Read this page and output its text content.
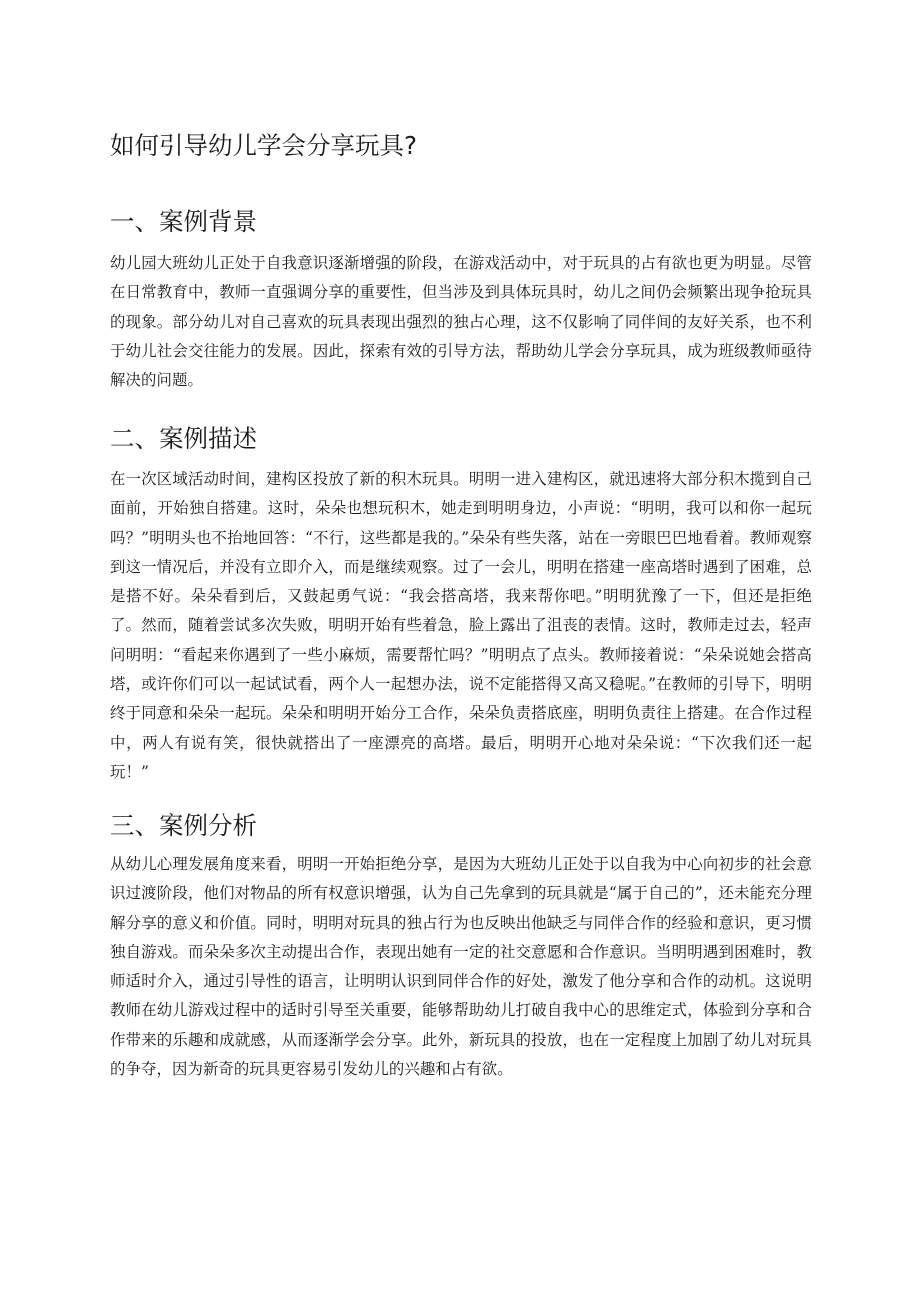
如何引导幼儿学会分享玩具?
一、案例背景

幼儿园大班幼儿正处于自我意识逐渐增强的阶段，在游戏活动中，对于玩具的占有欲也更为明显。尽管在日常教育中，教师一直强调分享的重要性，但当涉及到具体玩具时，幼儿之间仍会频繁出现争抢玩具的现象。部分幼儿对自己喜欢的玩具表现出强烈的独占心理，这不仅影响了同伴间的友好关系，也不利于幼儿社会交往能力的发展。因此，探索有效的引导方法，帮助幼儿学会分享玩具，成为班级教师亟待解决的问题。

二、案例描述

在一次区域活动时间，建构区投放了新的积木玩具。明明一进入建构区，就迅速将大部分积木揽到自己面前，开始独自搭建。这时，朵朵也想玩积木，她走到明明身边，小声说：“明明，我可以和你一起玩吗？”明明头也不抬地回答：“不行，这些都是我的。”朵朵有些失落，站在一旁眼巴巴地看着。教师观察到这一情况后，并没有立即介入，而是继续观察。过了一会儿，明明在搭建一座高塔时遇到了困难，总是搭不好。朵朵看到后，又鼓起勇气说：“我会搭高塔，我来帮你吧。”明明犹豫了一下，但还是拒绝了。然而，随着尝试多次失败，明明开始有些着急，脸上露出了沮丧的表情。这时，教师走过去，轻声问明明：“看起来你遇到了一些小麻烦，需要帮忙吗？”明明点了点头。教师接着说：“朵朵说她会搭高塔，或许你们可以一起试试看，两个人一起想办法，说不定能搭得又高又稳呢。”在教师的引导下，明明终于同意和朵朵一起玩。朵朵和明明开始分工合作，朵朵负责搭底座，明明负责往上搭建。在合作过程中，两人有说有笑，很快就搭出了一座漂亮的高塔。最后，明明开心地对朵朵说：“下次我们还一起玩！”

三、案例分析

从幼儿心理发展角度来看，明明一开始拒绝分享，是因为大班幼儿正处于以自我为中心向初步的社会意识过渡阶段，他们对物品的所有权意识增强，认为自己先拿到的玩具就是“属于自己的”，还未能充分理解分享的意义和价值。同时，明明对玩具的独占行为也反映出他缺乏与同伴合作的经验和意识，更习惯独自游戏。而朵朵多次主动提出合作，表现出她有一定的社交意愿和合作意识。当明明遇到困难时，教师适时介入，通过引导性的语言，让明明认识到同伴合作的好处，激发了他分享和合作的动机。这说明教师在幼儿游戏过程中的适时引导至关重要，能够帮助幼儿打破自我中心的思维定式，体验到分享和合作带来的乐趣和成就感，从而逐渐学会分享。此外，新玩具的投放，也在一定程度上加剧了幼儿对玩具的争夺，因为新奇的玩具更容易引发幼儿的兴趣和占有欲。
